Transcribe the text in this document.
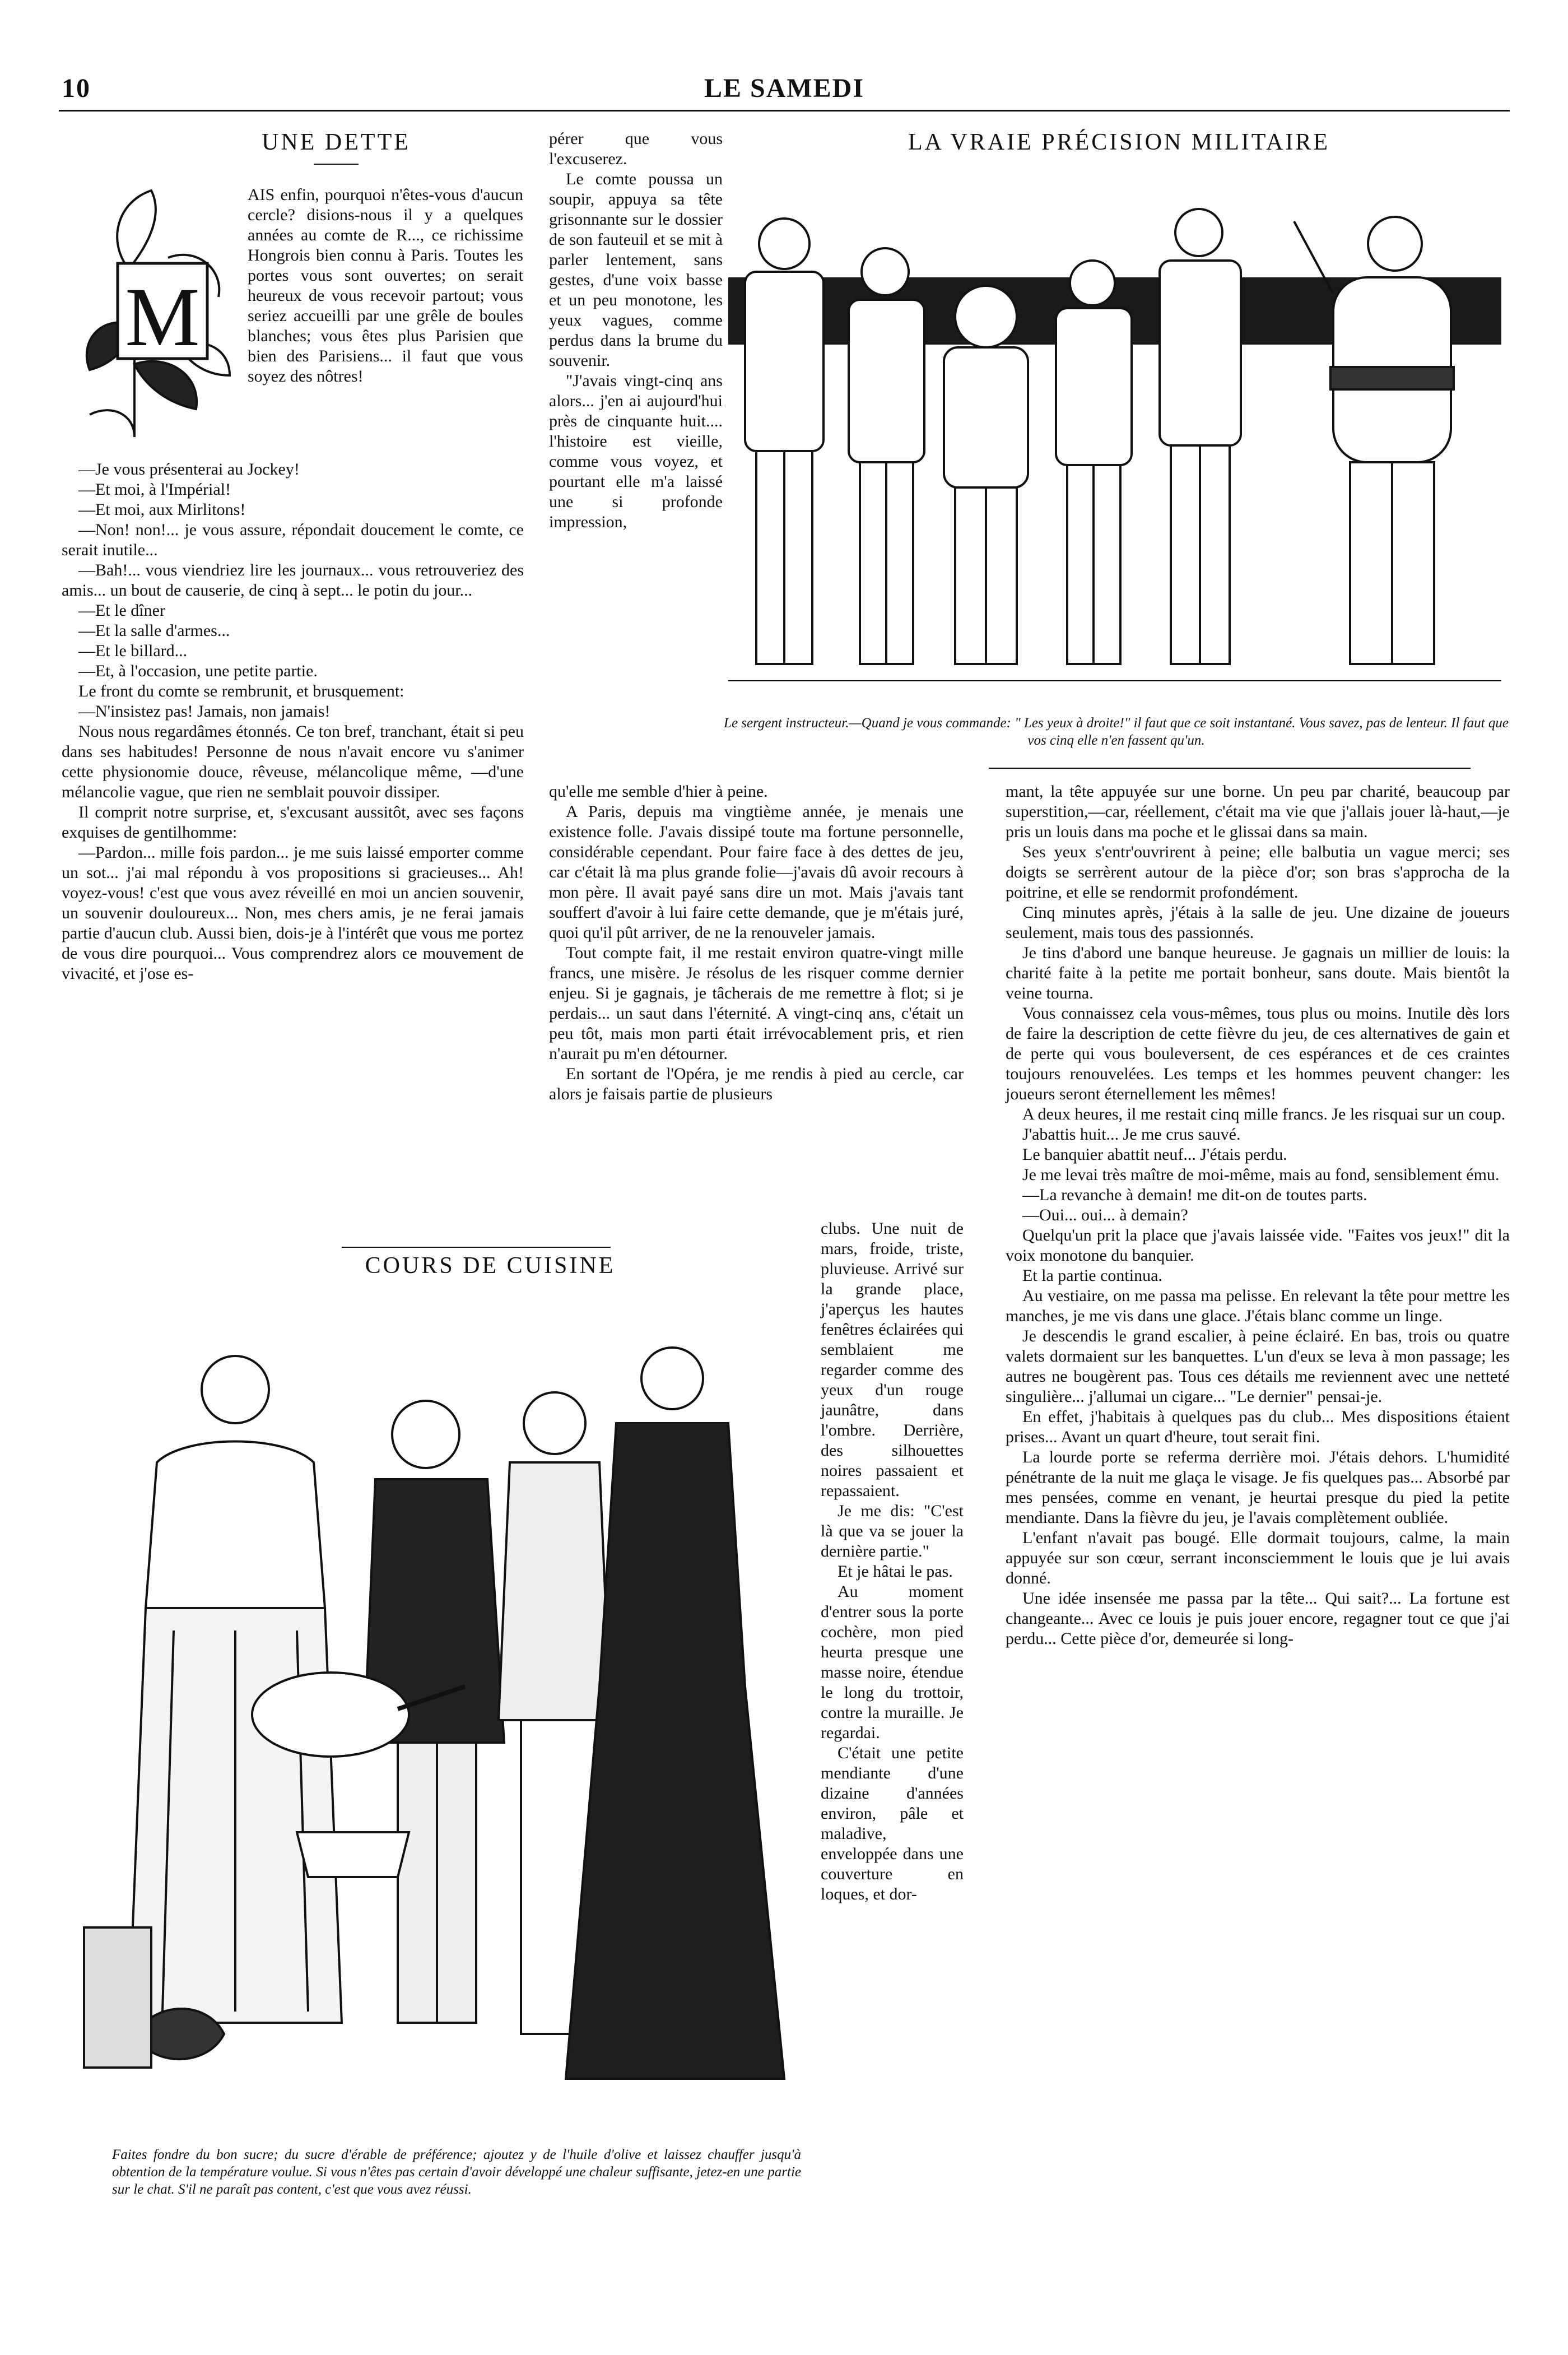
10	LE SAMEDI
UNE DETTE
M

AIS enfin, pourquoi n'êtes-vous d'aucun cercle? disions-nous il y a quelques années au comte de R..., ce richissime Hongrois bien connu à Paris. Toutes les portes vous sont ouvertes; on serait heureux de vous recevoir partout; vous seriez accueilli par une grêle de boules blanches; vous êtes plus Parisien que bien des Parisiens... il faut que vous soyez des nôtres!

—Je vous présenterai au Jockey!

—Et moi, à l'Impérial!

—Et moi, aux Mirlitons!

—Non! non!... je vous assure, répondait doucement le comte, ce serait inutile...

—Bah!... vous viendriez lire les journaux... vous retrouveriez des amis... un bout de causerie, de cinq à sept... le potin du jour...

—Et le dîner

—Et la salle d'armes...

—Et le billard...

—Et, à l'occasion, une petite partie.

Le front du comte se rembrunit, et brusquement:

—N'insistez pas! Jamais, non jamais!

Nous nous regardâmes étonnés. Ce ton bref, tranchant, était si peu dans ses habitudes! Personne de nous n'avait encore vu s'animer cette physionomie douce, rêveuse, mélancolique même, —d'une mélancolie vague, que rien ne semblait pouvoir dissiper.

Il comprit notre surprise, et, s'excusant aussitôt, avec ses façons exquises de gentilhomme:

—Pardon... mille fois pardon... je me suis laissé emporter comme un sot... j'ai mal répondu à vos propositions si gracieuses... Ah! voyez-vous! c'est que vous avez réveillé en moi un ancien souvenir, un souvenir douloureux... Non, mes chers amis, je ne ferai jamais partie d'aucun club. Aussi bien, dois-je à l'intérêt que vous me portez de vous dire pourquoi... Vous comprendrez alors ce mouvement de vivacité, et j'ose es-

pérer que vous l'excuserez.

Le comte poussa un soupir, appuya sa tête grisonnante sur le dossier de son fauteuil et se mit à parler lentement, sans gestes, d'une voix basse et un peu monotone, les yeux vagues, comme perdus dans la brume du souvenir.

"J'avais vingt-cinq ans alors... j'en ai aujourd'hui près de cinquante huit.... l'histoire est vieille, comme vous voyez, et pourtant elle m'a laissé une si profonde impression,

qu'elle me semble d'hier à peine.

A Paris, depuis ma vingtième année, je menais une existence folle. J'avais dissipé toute ma fortune personnelle, considérable cependant. Pour faire face à des dettes de jeu, car c'était là ma plus grande folie—j'avais dû avoir recours à mon père. Il avait payé sans dire un mot. Mais j'avais tant souffert d'avoir à lui faire cette demande, que je m'étais juré, quoi qu'il pût arriver, de ne la renouveler jamais.

Tout compte fait, il me restait environ quatre-vingt mille francs, une misère. Je résolus de les risquer comme dernier enjeu. Si je gagnais, je tâcherais de me remettre à flot; si je perdais... un saut dans l'éternité. A vingt-cinq ans, c'était un peu tôt, mais mon parti était irrévocablement pris, et rien n'aurait pu m'en détourner.

En sortant de l'Opéra, je me rendis à pied au cercle, car alors je faisais partie de plusieurs

clubs. Une nuit de mars, froide, triste, pluvieuse. Arrivé sur la grande place, j'aperçus les hautes fenêtres éclairées qui semblaient me regarder comme des yeux d'un rouge jaunâtre, dans l'ombre. Derrière, des silhouettes noires passaient et repassaient.

Je me dis: "C'est là que va se jouer la dernière partie."

Et je hâtai le pas.

Au moment d'entrer sous la porte cochère, mon pied heurta presque une masse noire, étendue le long du trottoir, contre la muraille. Je regardai.

C'était une petite mendiante d'une dizaine d'années environ, pâle et maladive, enveloppée dans une couverture en loques, et dor-

mant, la tête appuyée sur une borne. Un peu par charité, beaucoup par superstition,—car, réellement, c'était ma vie que j'allais jouer là-haut,—je pris un louis dans ma poche et le glissai dans sa main.

Ses yeux s'entr'ouvrirent à peine; elle balbutia un vague merci; ses doigts se serrèrent autour de la pièce d'or; son bras s'approcha de la poitrine, et elle se rendormit profondément.

Cinq minutes après, j'étais à la salle de jeu. Une dizaine de joueurs seulement, mais tous des passionnés.

Je tins d'abord une banque heureuse. Je gagnais un millier de louis: la charité faite à la petite me portait bonheur, sans doute. Mais bientôt la veine tourna.

Vous connaissez cela vous-mêmes, tous plus ou moins. Inutile dès lors de faire la description de cette fièvre du jeu, de ces alternatives de gain et de perte qui vous bouleversent, de ces espérances et de ces craintes toujours renouvelées. Les temps et les hommes peuvent changer: les joueurs seront éternellement les mêmes!

A deux heures, il me restait cinq mille francs. Je les risquai sur un coup.

J'abattis huit... Je me crus sauvé.

Le banquier abattit neuf... J'étais perdu.

Je me levai très maître de moi-même, mais au fond, sensiblement ému.

—La revanche à demain! me dit-on de toutes parts.

—Oui... oui... à demain?

Quelqu'un prit la place que j'avais laissée vide. "Faites vos jeux!" dit la voix monotone du banquier.

Et la partie continua.

Au vestiaire, on me passa ma pelisse. En relevant la tête pour mettre les manches, je me vis dans une glace. J'étais blanc comme un linge.

Je descendis le grand escalier, à peine éclairé. En bas, trois ou quatre valets dormaient sur les banquettes. L'un d'eux se leva à mon passage; les autres ne bougèrent pas. Tous ces détails me reviennent avec une netteté singulière... j'allumai un cigare... "Le dernier" pensai-je.

En effet, j'habitais à quelques pas du club... Mes dispositions étaient prises... Avant un quart d'heure, tout serait fini.

La lourde porte se referma derrière moi. J'étais dehors. L'humidité pénétrante de la nuit me glaça le visage. Je fis quelques pas... Absorbé par mes pensées, comme en venant, je heurtai presque du pied la petite mendiante. Dans la fièvre du jeu, je l'avais complètement oubliée.

L'enfant n'avait pas bougé. Elle dormait toujours, calme, la main appuyée sur son cœur, serrant inconsciemment le louis que je lui avais donné.

Une idée insensée me passa par la tête... Qui sait?... La fortune est changeante... Avec ce louis je puis jouer encore, regagner tout ce que j'ai perdu... Cette pièce d'or, demeurée si long-

LA VRAIE PRÉCISION MILITAIRE
Le sergent instructeur.—Quand je vous commande: " Les yeux à droite!" il faut que ce soit instantané. Vous savez, pas de lenteur. Il faut que vos cinq elle n'en fassent qu'un.
COURS DE CUISINE
Faites fondre du bon sucre; du sucre d'érable de préférence; ajoutez y de l'huile d'olive et laissez chauffer jusqu'à obtention de la température voulue. Si vous n'êtes pas certain d'avoir développé une chaleur suffisante, jetez-en une partie sur le chat. S'il ne paraît pas content, c'est que vous avez réussi.
